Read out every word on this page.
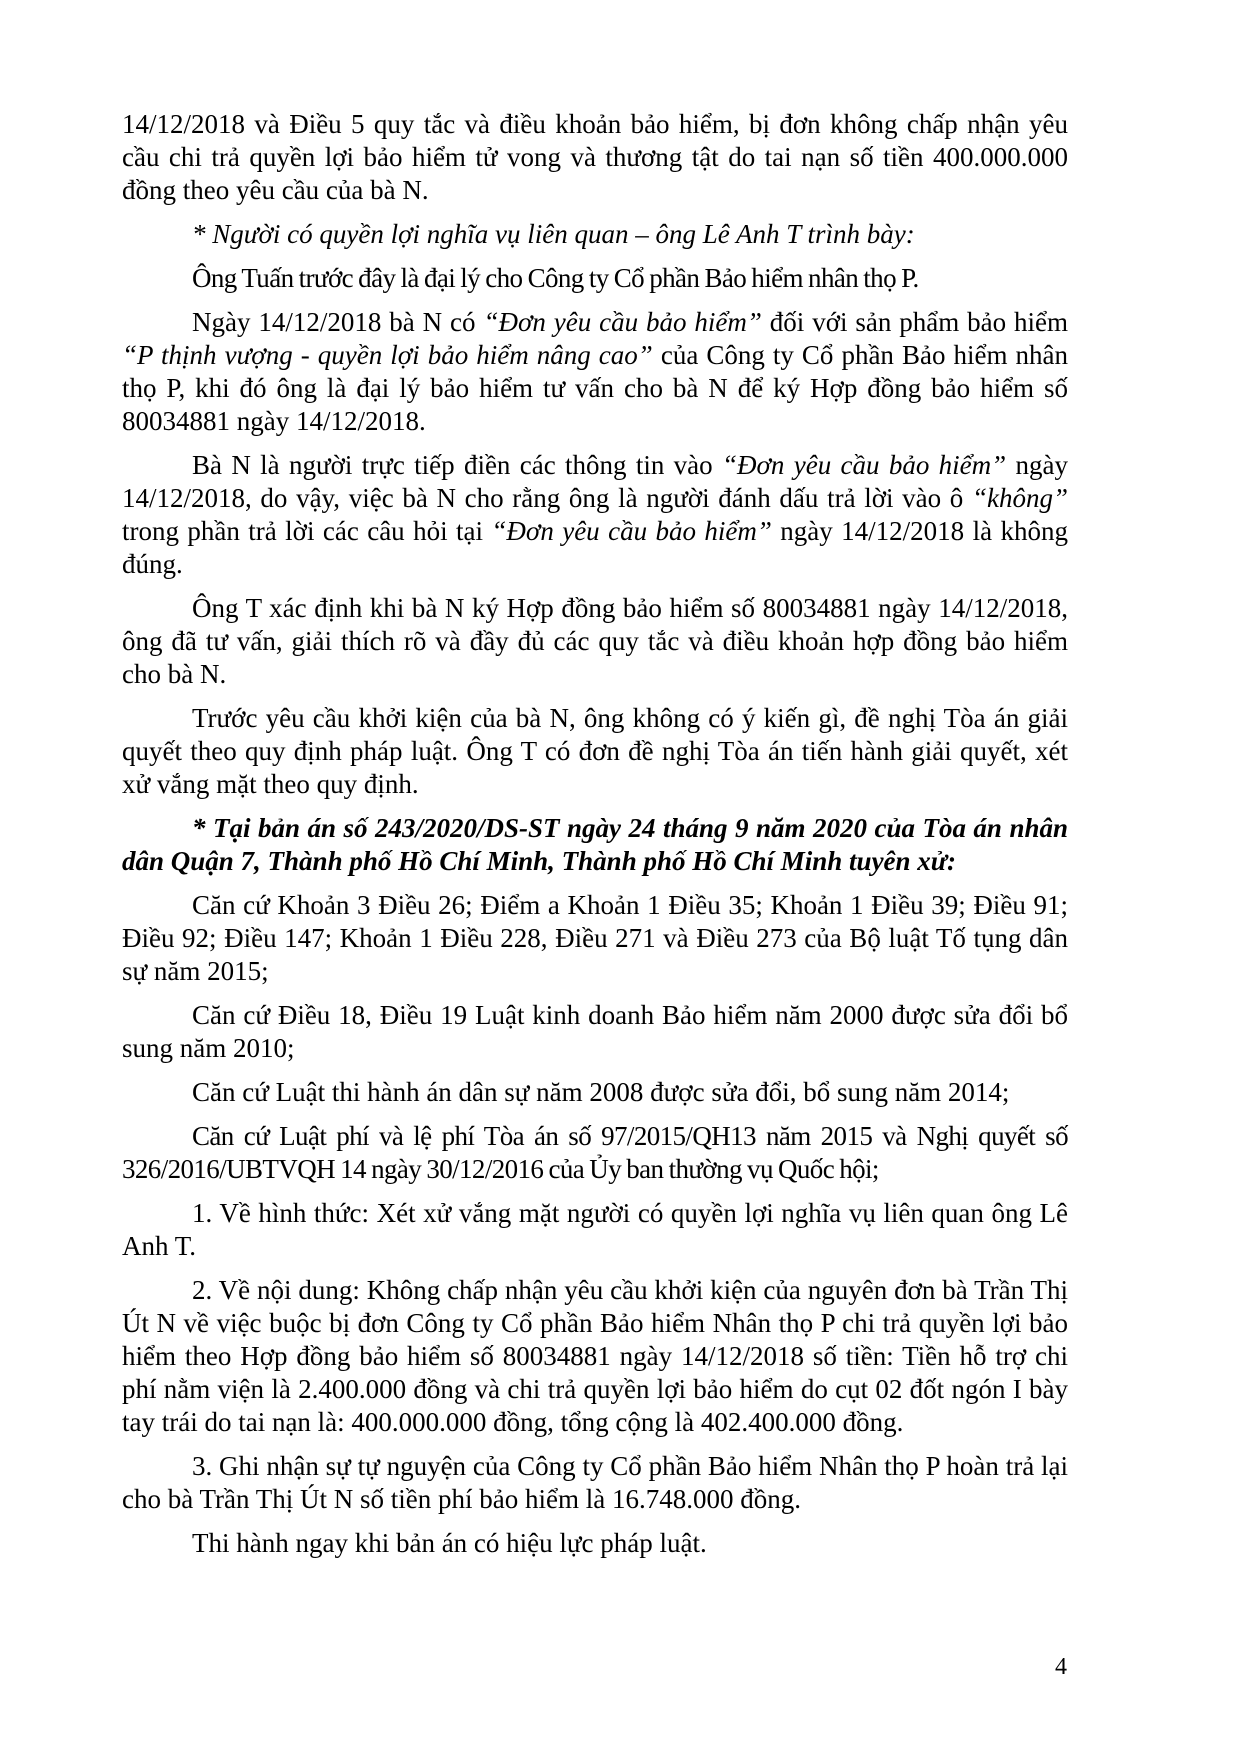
14/12/2018 và Điều 5 quy tắc và điều khoản bảo hiểm, bị đơn không chấp nhận yêu cầu chi trả quyền lợi bảo hiểm tử vong và thương tật do tai nạn số tiền 400.000.000 đồng theo yêu cầu của bà N.

* Người có quyền lợi nghĩa vụ liên quan – ông Lê Anh T trình bày:

Ông Tuấn trước đây là đại lý cho Công ty Cổ phần Bảo hiểm nhân thọ P.

Ngày 14/12/2018 bà N có “Đơn yêu cầu bảo hiểm” đối với sản phẩm bảo hiểm “P thịnh vượng - quyền lợi bảo hiểm nâng cao” của Công ty Cổ phần Bảo hiểm nhân thọ P, khi đó ông là đại lý bảo hiểm tư vấn cho bà N để ký Hợp đồng bảo hiểm số 80034881 ngày 14/12/2018.

Bà N là người trực tiếp điền các thông tin vào “Đơn yêu cầu bảo hiểm” ngày 14/12/2018, do vậy, việc bà N cho rằng ông là người đánh dấu trả lời vào ô “không” trong phần trả lời các câu hỏi tại “Đơn yêu cầu bảo hiểm” ngày 14/12/2018 là không đúng.

Ông T xác định khi bà N ký Hợp đồng bảo hiểm số 80034881 ngày 14/12/2018, ông đã tư vấn, giải thích rõ và đầy đủ các quy tắc và điều khoản hợp đồng bảo hiểm cho bà N.

Trước yêu cầu khởi kiện của bà N, ông không có ý kiến gì, đề nghị Tòa án giải quyết theo quy định pháp luật. Ông T có đơn đề nghị Tòa án tiến hành giải quyết, xét xử vắng mặt theo quy định.

* Tại bản án số 243/2020/DS-ST ngày 24 tháng 9 năm 2020 của Tòa án nhân dân Quận 7, Thành phố Hồ Chí Minh, Thành phố Hồ Chí Minh tuyên xử:

Căn cứ Khoản 3 Điều 26; Điểm a Khoản 1 Điều 35; Khoản 1 Điều 39; Điều 91; Điều 92; Điều 147; Khoản 1 Điều 228, Điều 271 và Điều 273 của Bộ luật Tố tụng dân sự năm 2015;

Căn cứ Điều 18, Điều 19 Luật kinh doanh Bảo hiểm năm 2000 được sửa đổi bổ sung năm 2010;

Căn cứ Luật thi hành án dân sự năm 2008 được sửa đổi, bổ sung năm 2014;

Căn cứ Luật phí và lệ phí Tòa án số 97/2015/QH13 năm 2015 và Nghị quyết số 326/2016/UBTVQH 14 ngày 30/12/2016 của Ủy ban thường vụ Quốc hội;

1. Về hình thức: Xét xử vắng mặt người có quyền lợi nghĩa vụ liên quan ông Lê Anh T.

2. Về nội dung: Không chấp nhận yêu cầu khởi kiện của nguyên đơn bà Trần Thị Út N về việc buộc bị đơn Công ty Cổ phần Bảo hiểm Nhân thọ P chi trả quyền lợi bảo hiểm theo Hợp đồng bảo hiểm số 80034881 ngày 14/12/2018 số tiền: Tiền hỗ trợ chi phí nằm viện là 2.400.000 đồng và chi trả quyền lợi bảo hiểm do cụt 02 đốt ngón I bày tay trái do tai nạn là: 400.000.000 đồng, tổng cộng là 402.400.000 đồng.

3. Ghi nhận sự tự nguyện của Công ty Cổ phần Bảo hiểm Nhân thọ P hoàn trả lại cho bà Trần Thị Út N số tiền phí bảo hiểm là 16.748.000 đồng.

Thi hành ngay khi bản án có hiệu lực pháp luật.

4
